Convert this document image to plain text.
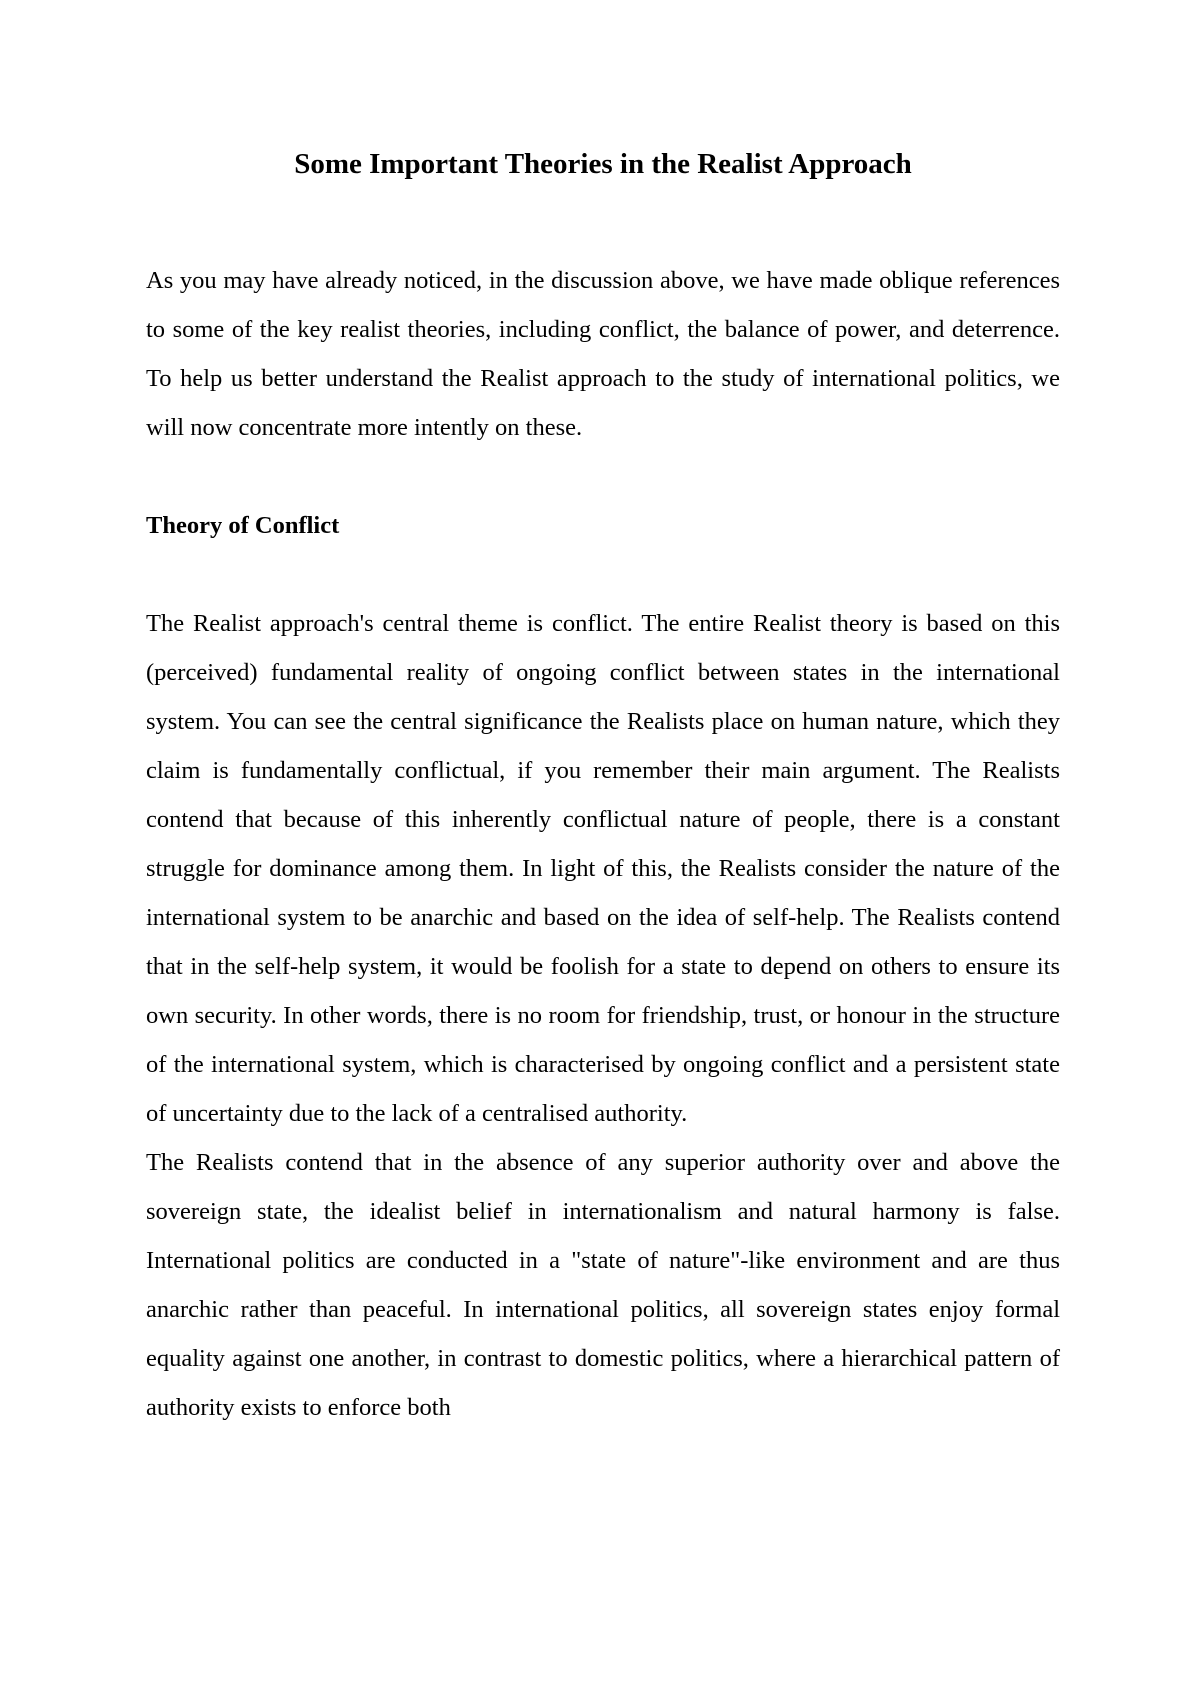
Some Important Theories in the Realist Approach

As you may have already noticed, in the discussion above, we have made oblique references to some of the key realist theories, including conflict, the balance of power, and deterrence. To help us better understand the Realist approach to the study of international politics, we will now concentrate more intently on these.

Theory of Conflict

The Realist approach's central theme is conflict. The entire Realist theory is based on this (perceived) fundamental reality of ongoing conflict between states in the international system. You can see the central significance the Realists place on human nature, which they claim is fundamentally conflictual, if you remember their main argument. The Realists contend that because of this inherently conflictual nature of people, there is a constant struggle for dominance among them. In light of this, the Realists consider the nature of the international system to be anarchic and based on the idea of self-help. The Realists contend that in the self-help system, it would be foolish for a state to depend on others to ensure its own security. In other words, there is no room for friendship, trust, or honour in the structure of the international system, which is characterised by ongoing conflict and a persistent state of uncertainty due to the lack of a centralised authority.

The Realists contend that in the absence of any superior authority over and above the sovereign state, the idealist belief in internationalism and natural harmony is false. International politics are conducted in a "state of nature"-like environment and are thus anarchic rather than peaceful. In international politics, all sovereign states enjoy formal equality against one another, in contrast to domestic politics, where a hierarchical pattern of authority exists to enforce both
